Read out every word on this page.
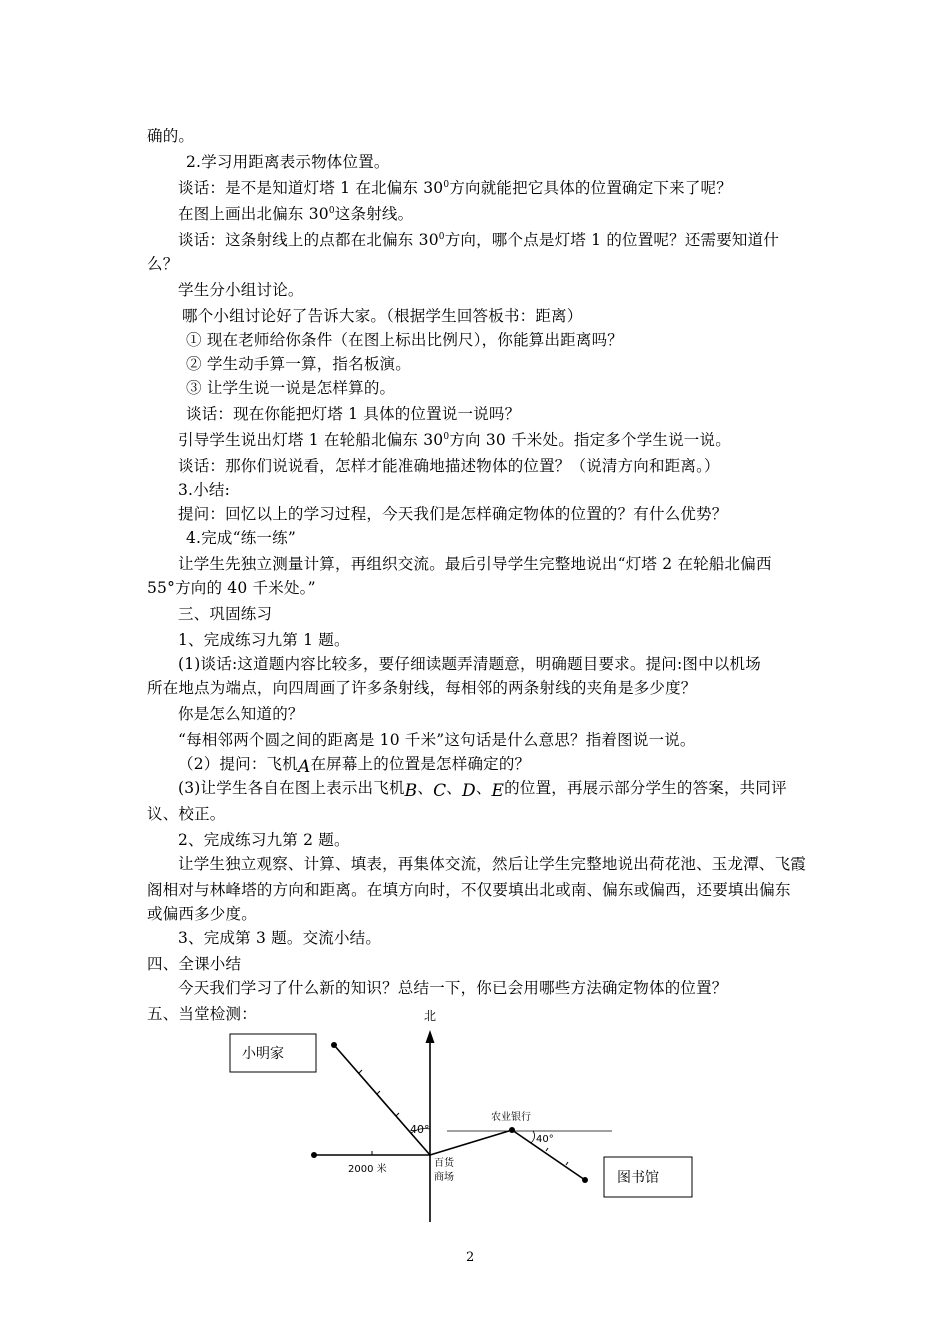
确的。
2.学习用距离表示物体位置。
谈话：是不是知道灯塔 1 在北偏东 $30^0$方向就能把它具体的位置确定下来了呢？
在图上画出北偏东 $30^0$这条射线。
谈话：这条射线上的点都在北偏东 $30^0$方向，哪个点是灯塔 1 的位置呢？还需要知道什
么？
学生分小组讨论。
哪个小组讨论好了告诉大家。（根据学生回答板书：距离）
① 现在老师给你条件（在图上标出比例尺），你能算出距离吗？
② 学生动手算一算，指名板演。
③ 让学生说一说是怎样算的。
谈话：现在你能把灯塔 1 具体的位置说一说吗？
引导学生说出灯塔 1 在轮船北偏东 $30^0$方向 30 千米处。指定多个学生说一说。
谈话：那你们说说看，怎样才能准确地描述物体的位置？（说清方向和距离。）
3.小结:
提问：回忆以上的学习过程，今天我们是怎样确定物体的位置的？有什么优势？
4.完成“练一练”
让学生先独立测量计算，再组织交流。最后引导学生完整地说出“灯塔 2 在轮船北偏西
55°方向的 40 千米处。”
三、巩固练习
1、完成练习九第 1 题。
(1)谈话:这道题内容比较多，要仔细读题弄清题意，明确题目要求。提问:图中以机场
所在地点为端点，向四周画了许多条射线，每相邻的两条射线的夹角是多少度？
你是怎么知道的？
“每相邻两个圆之间的距离是 10 千米”这句话是什么意思？指着图说一说。
（2）提问：飞机A在屏幕上的位置是怎样确定的？
(3)让学生各自在图上表示出飞机B、C、D、E的位置，再展示部分学生的答案，共同评
议、校正。
2、完成练习九第 2 题。
让学生独立观察、计算、填表，再集体交流，然后让学生完整地说出荷花池、玉龙潭、飞霞
阁相对与林峰塔的方向和距离。在填方向时，不仅要填出北或南、偏东或偏西，还要填出偏东
或偏西多少度。
3、完成第 3 题。交流小结。
四、全课小结
今天我们学习了什么新的知识？总结一下，你已会用哪些方法确定物体的位置？
五、当堂检测：	北
2000 米
40°
小明家
农业银行
40°
图书馆
百货
商场
2
